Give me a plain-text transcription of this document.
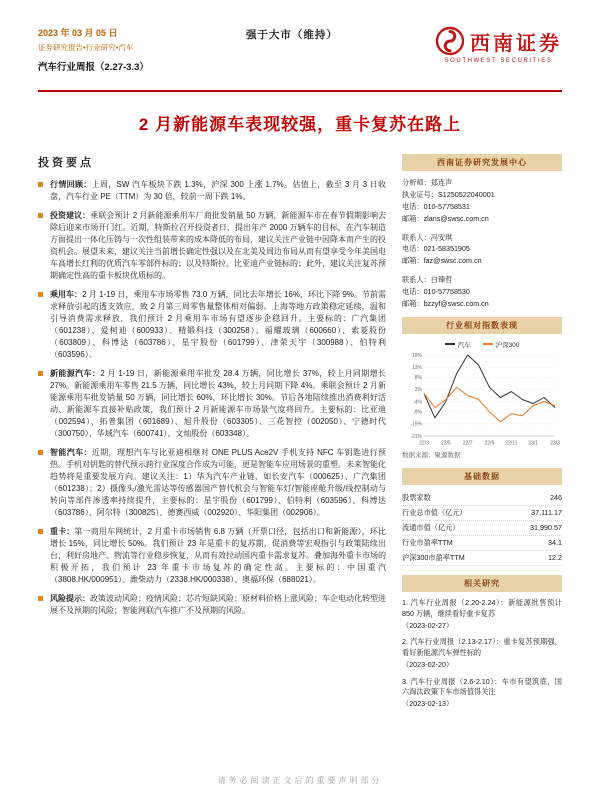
2023 年 03 月 05 日
证券研究报告•行业研究•汽车
汽车行业周报（2.27-3.3）
强于大市（维持）	西南证券
SOUTHWEST SECURITIES
2 月新能源车表现较强，重卡复苏在路上
投资要点
行情回顾：上周，SW 汽车板块下跌 1.3%，沪深 300 上涨 1.7%。估值上，截至 3 月 3 日收盘，汽车行业 PE（TTM）为 30 倍，较前一周下跌 1%。
投资建议：乘联会预计 2 月新能源乘用车厂商批发销量 50 万辆，新能源车市在春节假期影响去除后迎来市场开门红。近期，特斯拉召开投资者日，提出年产 2000 万辆车的目标，在汽车制造方面提出一体化压铸与一次性组装带来的成本降低的布局，建议关注产业链中因降本而产生的投资机会。展望未来，建议关注当前增长确定性强以及在北美及周边布局从而有望享受今年美国电车高增长红利的优质汽车零部件标的；以及特斯拉、比亚迪产业链标的；此外，建议关注复苏预期确定性高的重卡板块优质标的。
乘用车：2 月 1-19 日，乘用车市场零售 73.0 万辆，同比去年增长 16%，环比下降 9%。节前需求释放引起的透支效应，致 2 月第三周零售量整体相对偏弱。上海等地方政策稳定延续，温和引导消费需求释放，我们预计 2 月乘用车市场有望逐步企稳回升。主要标的：广汽集团（601238）、爱柯迪（600933）、精锻科技（300258）、福耀玻璃（600660）、索菱股份（603809）、科博达（603786）、星宇股份（601799）、津荣天宇（300988）、伯特利（603596）。
新能源汽车：2 月 1-19 日，新能源乘用车批发 28.4 万辆，同比增长 37%，较上月同期增长 27%。新能源乘用车零售 21.5 万辆，同比增长 43%，较上月同期下降 4%。乘联会预计 2 月新能源乘用车批发销量 50 万辆，同比增长 60%，环比增长 30%。节后各地陆续推出消费利好活动、新能源车直接补贴政策，我们预计 2 月新能源车市场景气度将回升。主要标的：比亚迪（002594）、拓普集团（601689）、旭升股份（603305）、三花智控（002050）、宁德时代（300750）、华域汽车（600741）、文灿股份（603348）。
智能汽车：近期，理想汽车与比亚迪相继对 ONE PLUS Ace2V 手机支持 NFC 车钥匙进行预热。手机对钥匙的替代预示跨行业深度合作成为可能，更是智能车应用场景的重塑。未来智能化趋势将是重要发展方向。建议关注：1）华为汽车产业链，如长安汽车（000625）、广汽集团（601238）；2）摄像头/激光雷达等传感器国产替代机会与智能车灯/智能座舱升级/线控制动与转向等部件渗透率持续提升，主要标的：星宇股份（601799）、伯特利（603596）、科博达（603786）、阿尔特（300825）、德赛西威（002920）、华阳集团（002906）。
重卡：第一商用车网统计，2 月重卡市场销售 6.8 万辆（开票口径，包括出口和新能源），环比增长 15%，同比增长 50%。我们预计 23 年是重卡的复苏期，促消费等宏观指引与政策陆续出台，利好房地产、物流等行业稳步恢复，从而有效拉动国内重卡需求复苏。叠加海外重卡市场的积极开拓，我们预计 23 年重卡市场复苏的确定性高。主要标的：中国重汽（3808.HK/000951）、潍柴动力（2338.HK/000338）、奥福环保（688021）。
风险提示：政策波动风险；疫情风险；芯片短缺风险；原材料价格上涨风险；车企电动化转型进展不及预期的风险；智能网联汽车推广不及预期的风险。
西南证券研究发展中心
分析师：郑连声
执业证号：S1250522040001
电话：010-57758531
邮箱：zlans@swsc.com.cn
联系人：冯安琪
电话：021-58351905
邮箱：faz@swsc.com.cn
联系人：白臻哲
电话：010-57758530
邮箱：bzzyf@swsc.com.cn
行业相对指数表现
汽车	沪深300
19%
13%
8%
2%
-4%
-9%
-15%
-21%
22/3 22/5 22/7 22/9 22/11 23/1 23/3
数据来源：聚源数据
基础数据
股票家数	246
行业总市值（亿元）	37,111.17
流通市值（亿元）	31,990.57
行业市盈率TTM	34.1
沪深300市盈率TTM	12.2
相关研究
1. 汽车行业周报（2.20-2.24）：新能源批售预计 850 万辆，继续看好重卡复苏
（2023-02-27）
2. 汽车行业周报（2.13-2.17）：重卡复苏预期强，看好新能源汽车弹性标的
（2023-02-20）
3. 汽车行业周报（2.6-2.10）：车市有望筑底，国六淘汰政策下车市场值得关注
（2023-02-13）
请务必阅读正文后的重要声明部分
